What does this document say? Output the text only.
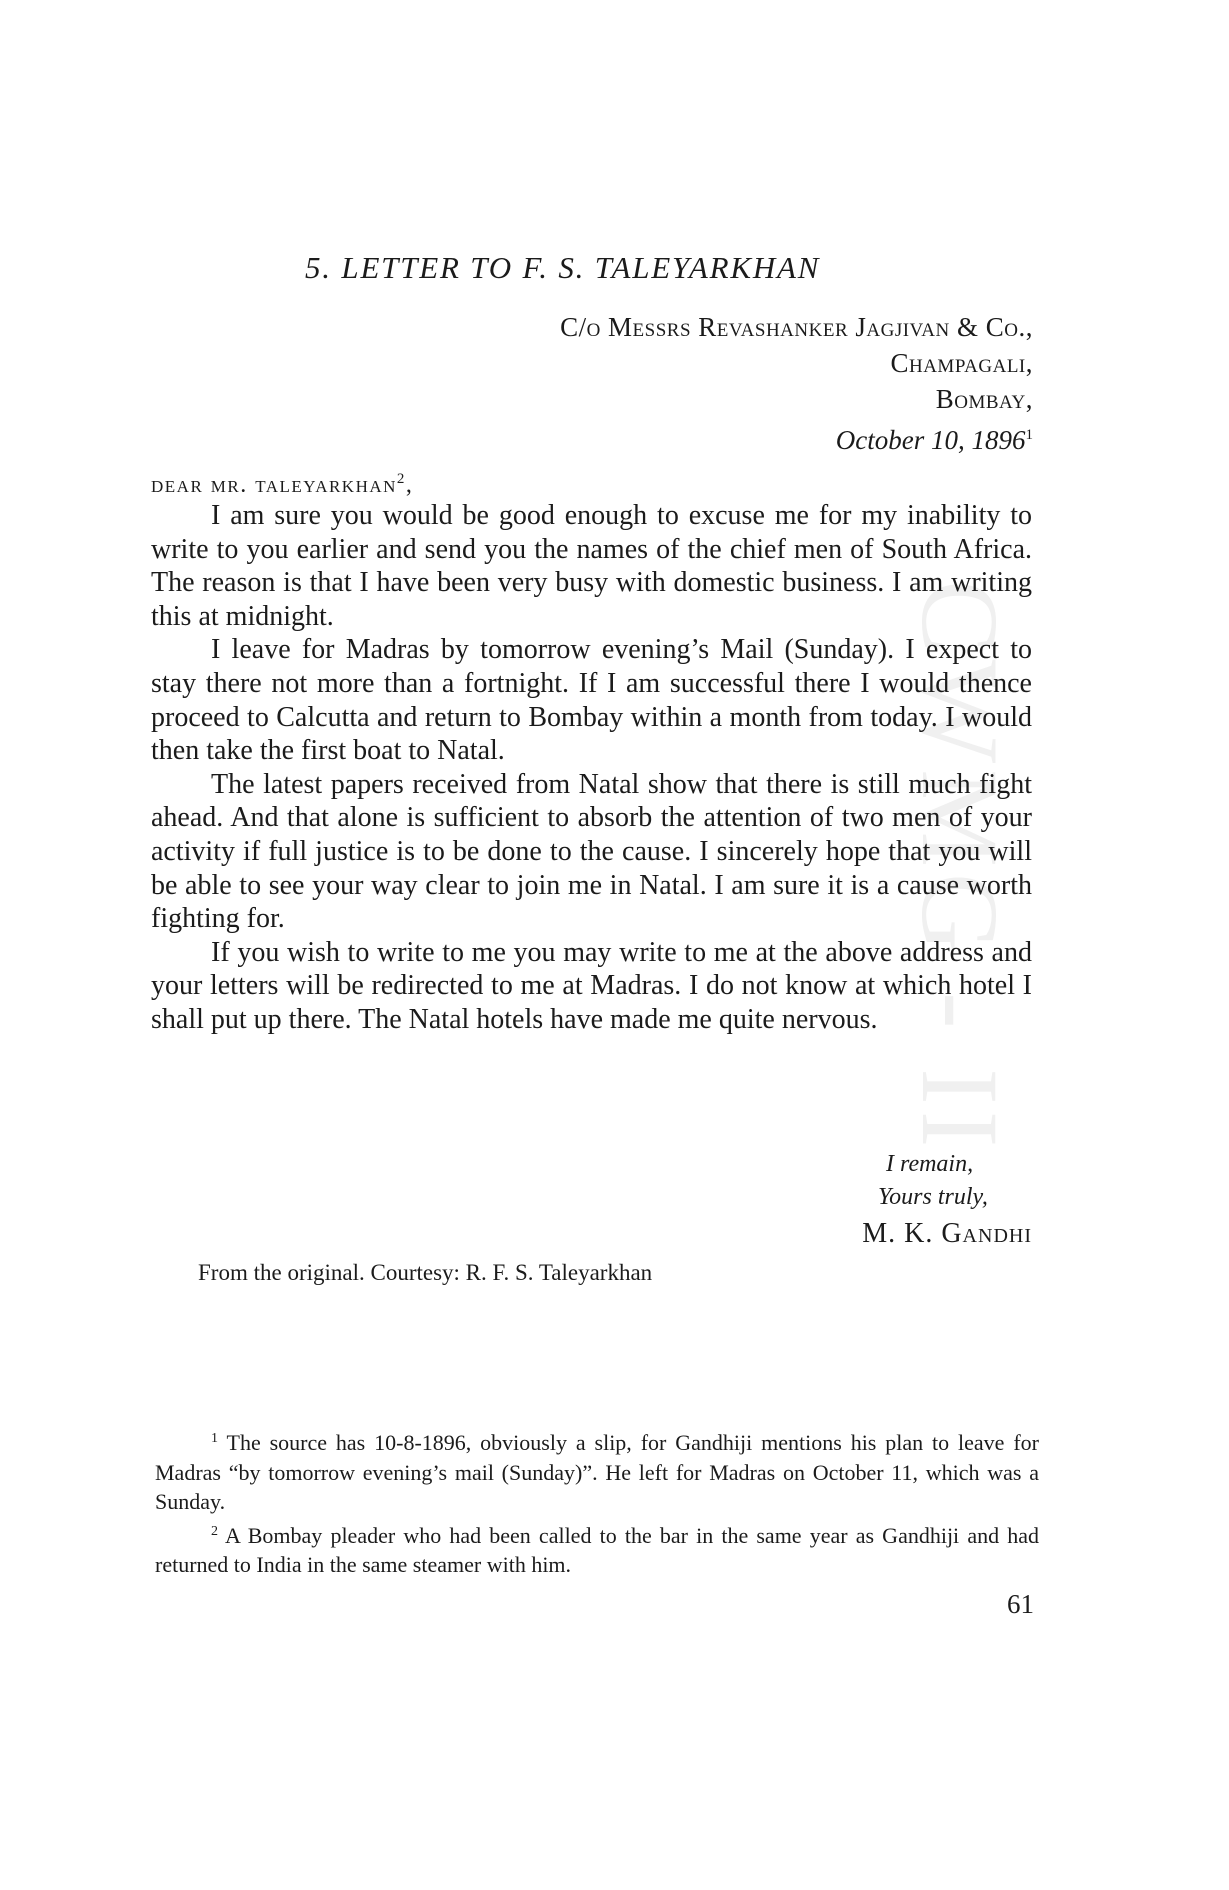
CWMG - II
5. LETTER TO F. S. TALEYARKHAN
C/o Messrs Revashanker Jagjivan & Co.,
Champagali,
Bombay,
October 10, 1896$^1$
dear mr. taleyarkhan$^2$,

I am sure you would be good enough to excuse me for my inability to write to you earlier and send you the names of the chief men of South Africa. The reason is that I have been very busy with domestic business. I am writing this at midnight.

I leave for Madras by tomorrow evening’s Mail (Sunday). I expect to stay there not more than a fortnight. If I am successful there I would thence proceed to Calcutta and return to Bombay within a month from today. I would then take the first boat to Natal.

The latest papers received from Natal show that there is still much fight ahead. And that alone is sufficient to absorb the attention of two men of your activity if full justice is to be done to the cause. I sincerely hope that you will be able to see your way clear to join me in Natal. I am sure it is a cause worth fighting for.

If you wish to write to me you may write to me at the above address and your letters will be redirected to me at Madras. I do not know at which hotel I shall put up there. The Natal hotels have made me quite nervous.

I remain,
Yours truly,
M. K. Gandhi
From the original. Courtesy: R. F. S. Taleyarkhan

$^1$ The source has 10-8-1896, obviously a slip, for Gandhiji mentions his plan to leave for Madras “by tomorrow evening’s mail (Sunday)”. He left for Madras on October 11, which was a Sunday.

$^2$ A Bombay pleader who had been called to the bar in the same year as Gandhiji and had returned to India in the same steamer with him.

61
